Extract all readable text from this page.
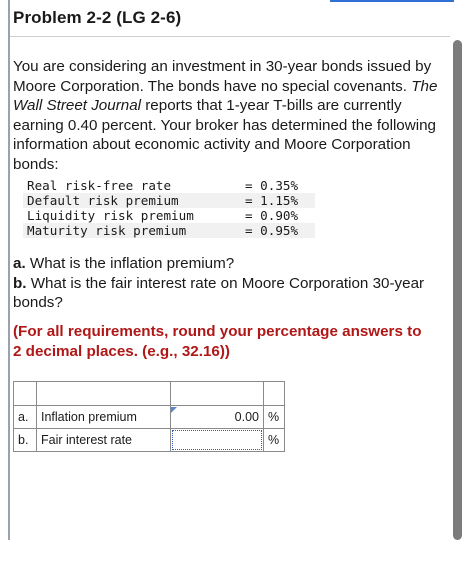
Problem 2-2 (LG 2-6)
You are considering an investment in 30-year bonds issued by Moore Corporation. The bonds have no special covenants. The Wall Street Journal reports that 1-year T-bills are currently earning 0.40 percent. Your broker has determined the following information about economic activity and Moore Corporation bonds:
Real risk-free rate	= 0.35%
Default risk premium	= 1.15%
Liquidity risk premium	= 0.90%
Maturity risk premium	= 0.95%
a. What is the inflation premium?
b. What is the fair interest rate on Moore Corporation 30-year bonds?
(For all requirements, round your percentage answers to 2 decimal places. (e.g., 32.16))

a.	Inflation premium	0.00	%
b.	Fair interest rate		%
